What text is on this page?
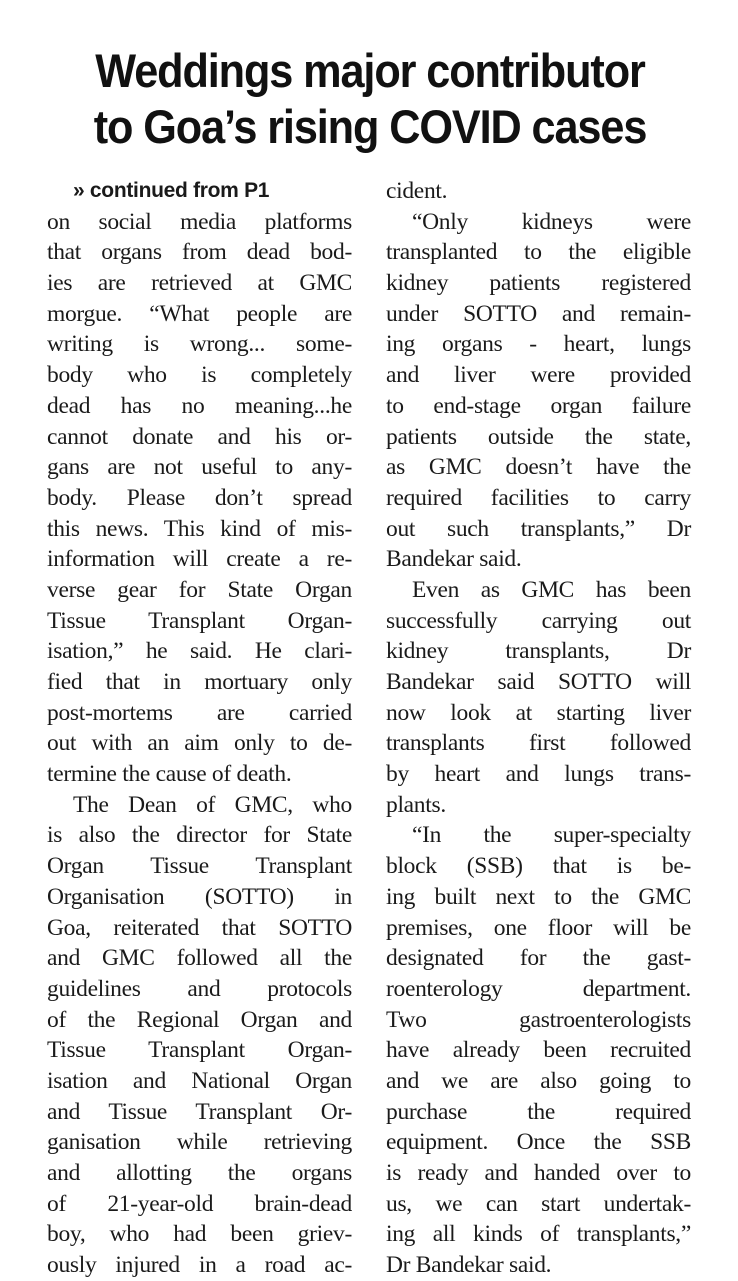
Weddings major contributor
to Goa’s rising COVID cases
» continued from P1
on social media platforms
that organs from dead bod-
ies are retrieved at GMC
morgue. “What people are
writing is wrong... some-
body who is completely
dead has no meaning...he
cannot donate and his or-
gans are not useful to any-
body. Please don’t spread
this news. This kind of mis-
information will create a re-
verse gear for State Organ
Tissue Transplant Organ-
isation,” he said. He clari-
fied that in mortuary only
post-mortems are carried
out with an aim only to de-
termine the cause of death.
The Dean of GMC, who
is also the director for State
Organ Tissue Transplant
Organisation (SOTTO) in
Goa, reiterated that SOTTO
and GMC followed all the
guidelines and protocols
of the Regional Organ and
Tissue Transplant Organ-
isation and National Organ
and Tissue Transplant Or-
ganisation while retrieving
and allotting the organs
of 21-year-old brain-dead
boy, who had been griev-
ously injured in a road ac-
cident.
“Only kidneys were
transplanted to the eligible
kidney patients registered
under SOTTO and remain-
ing organs - heart, lungs
and liver were provided
to end-stage organ failure
patients outside the state,
as GMC doesn’t have the
required facilities to carry
out such transplants,” Dr
Bandekar said.
Even as GMC has been
successfully carrying out
kidney transplants, Dr
Bandekar said SOTTO will
now look at starting liver
transplants first followed
by heart and lungs trans-
plants.
“In the super-specialty
block (SSB) that is be-
ing built next to the GMC
premises, one floor will be
designated for the gast-
roenterology department.
Two gastroenterologists
have already been recruited
and we are also going to
purchase the required
equipment. Once the SSB
is ready and handed over to
us, we can start undertak-
ing all kinds of transplants,”
Dr Bandekar said.
